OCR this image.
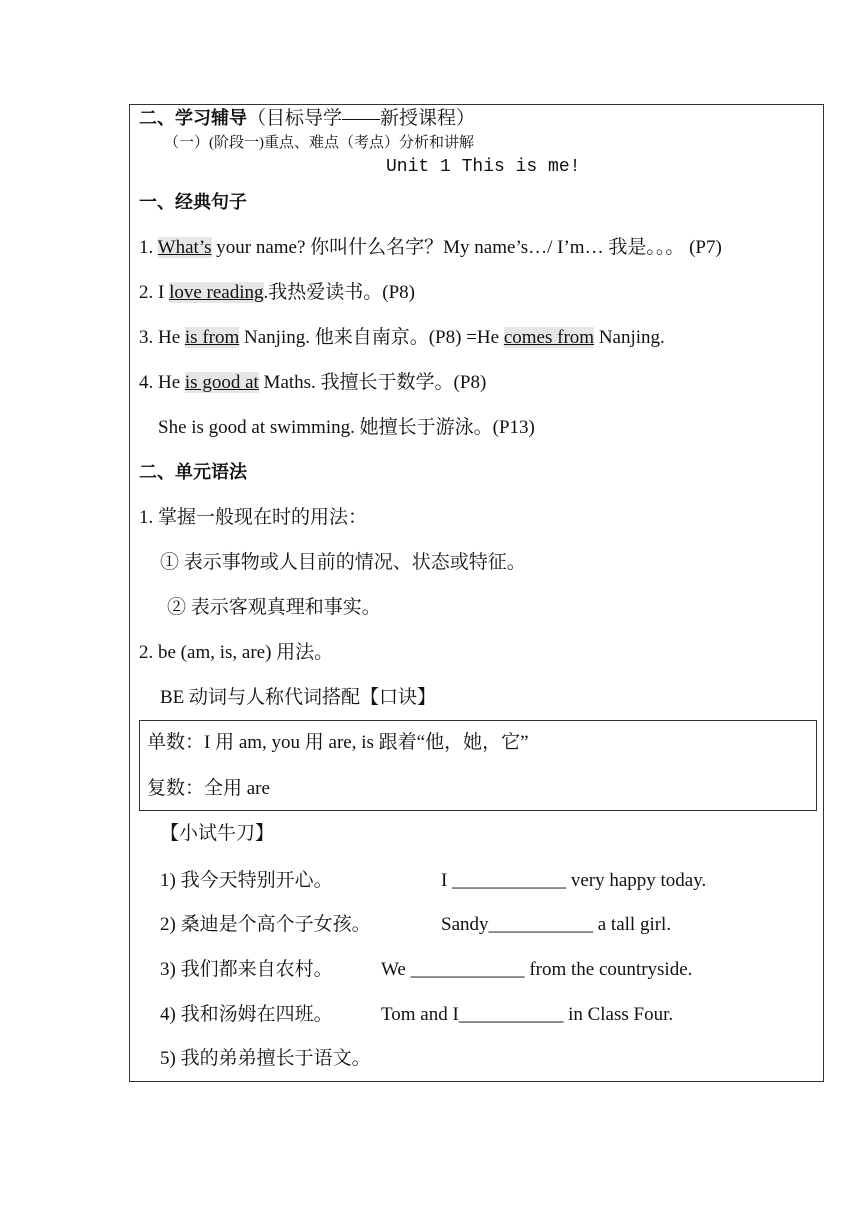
二、学习辅导（目标导学——新授课程）
（一）(阶段一)重点、难点（考点）分析和讲解
Unit 1 This is me!
一、经典句子
1. What’s your name? 你叫什么名字？My name’s…/ I’m… 我是。。。 (P7)
2. I love reading.我热爱读书。(P8)
3. He is from Nanjing. 他来自南京。(P8) =He comes from Nanjing.
4. He is good at Maths. 我擅长于数学。(P8)
She is good at swimming. 她擅长于游泳。(P13)
二、单元语法
1. 掌握一般现在时的用法：
① 表示事物或人目前的情况、状态或特征。
② 表示客观真理和事实。
2. be (am, is, are) 用法。
BE 动词与人称代词搭配【口诀】
单数：I 用 am, you 用 are, is 跟着“他，她，它”
复数：全用 are
【小试牛刀】
1) 我今天特别开心。	I ____________ very happy today.
2) 桑迪是个高个子女孩。	Sandy___________ a tall girl.
3) 我们都来自农村。	We ____________ from the countryside.
4) 我和汤姆在四班。	Tom and I___________ in Class Four.
5) 我的弟弟擅长于语文。
